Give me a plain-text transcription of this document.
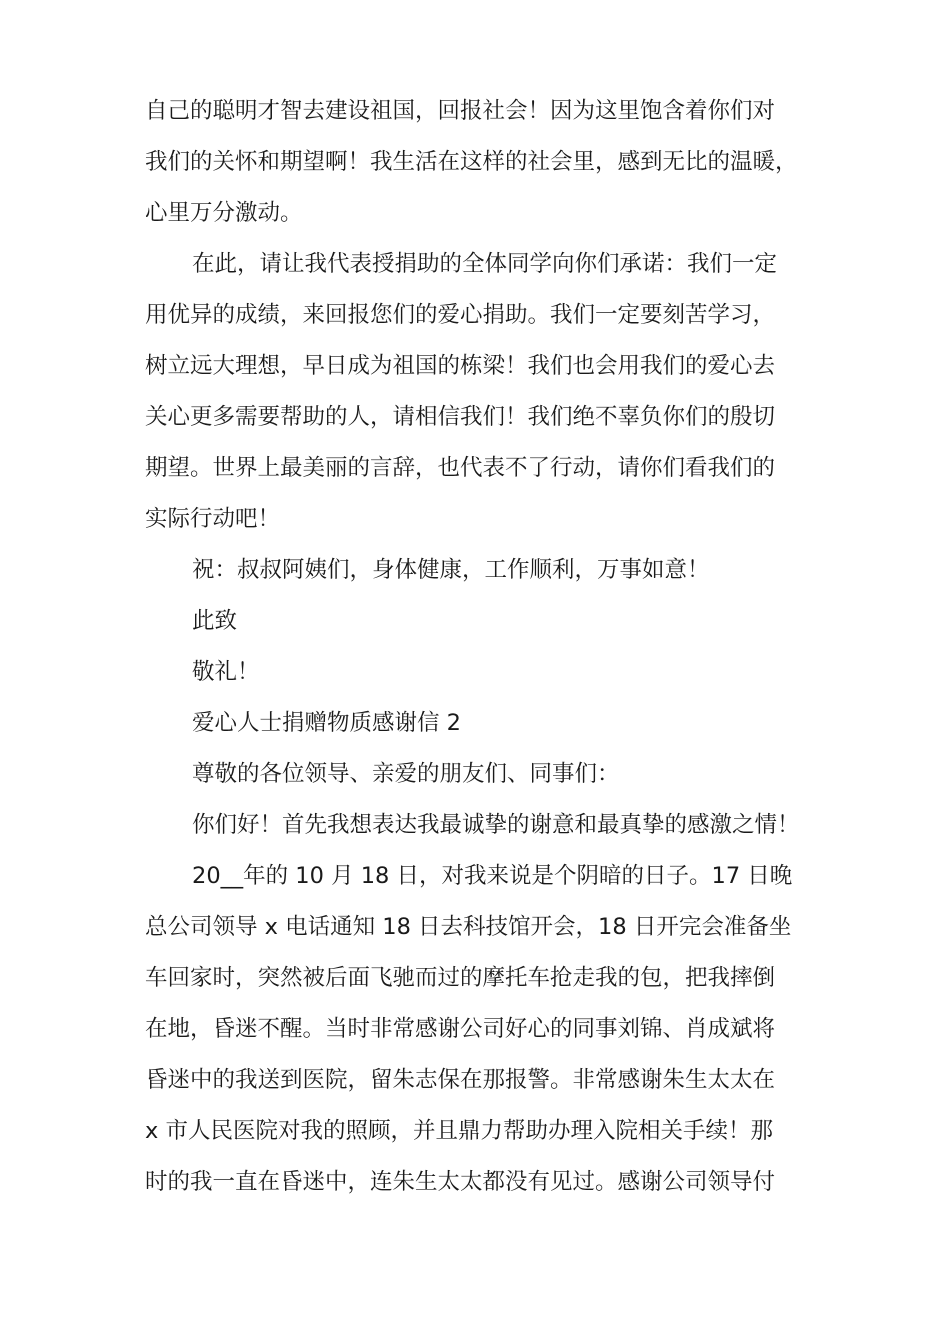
自己的聪明才智去建设祖国，回报社会！因为这里饱含着你们对
我们的关怀和期望啊！我生活在这样的社会里，感到无比的温暖，
心里万分激动。
在此，请让我代表授捐助的全体同学向你们承诺：我们一定
用优异的成绩，来回报您们的爱心捐助。我们一定要刻苦学习，
树立远大理想，早日成为祖国的栋梁！我们也会用我们的爱心去
关心更多需要帮助的人，请相信我们！我们绝不辜负你们的殷切
期望。世界上最美丽的言辞，也代表不了行动，请你们看我们的
实际行动吧！
祝：叔叔阿姨们，身体健康，工作顺利，万事如意！
此致
敬礼！
爱心人士捐赠物质感谢信 2
尊敬的各位领导、亲爱的朋友们、同事们：
你们好！首先我想表达我最诚挚的谢意和最真挚的感激之情！
20__年的 10 月 18 日，对我来说是个阴暗的日子。17 日晚
总公司领导 x 电话通知 18 日去科技馆开会，18 日开完会准备坐
车回家时，突然被后面飞驰而过的摩托车抢走我的包，把我摔倒
在地，昏迷不醒。当时非常感谢公司好心的同事刘锦、肖成斌将
昏迷中的我送到医院，留朱志保在那报警。非常感谢朱生太太在
x 市人民医院对我的照顾，并且鼎力帮助办理入院相关手续！那
时的我一直在昏迷中，连朱生太太都没有见过。感谢公司领导付
